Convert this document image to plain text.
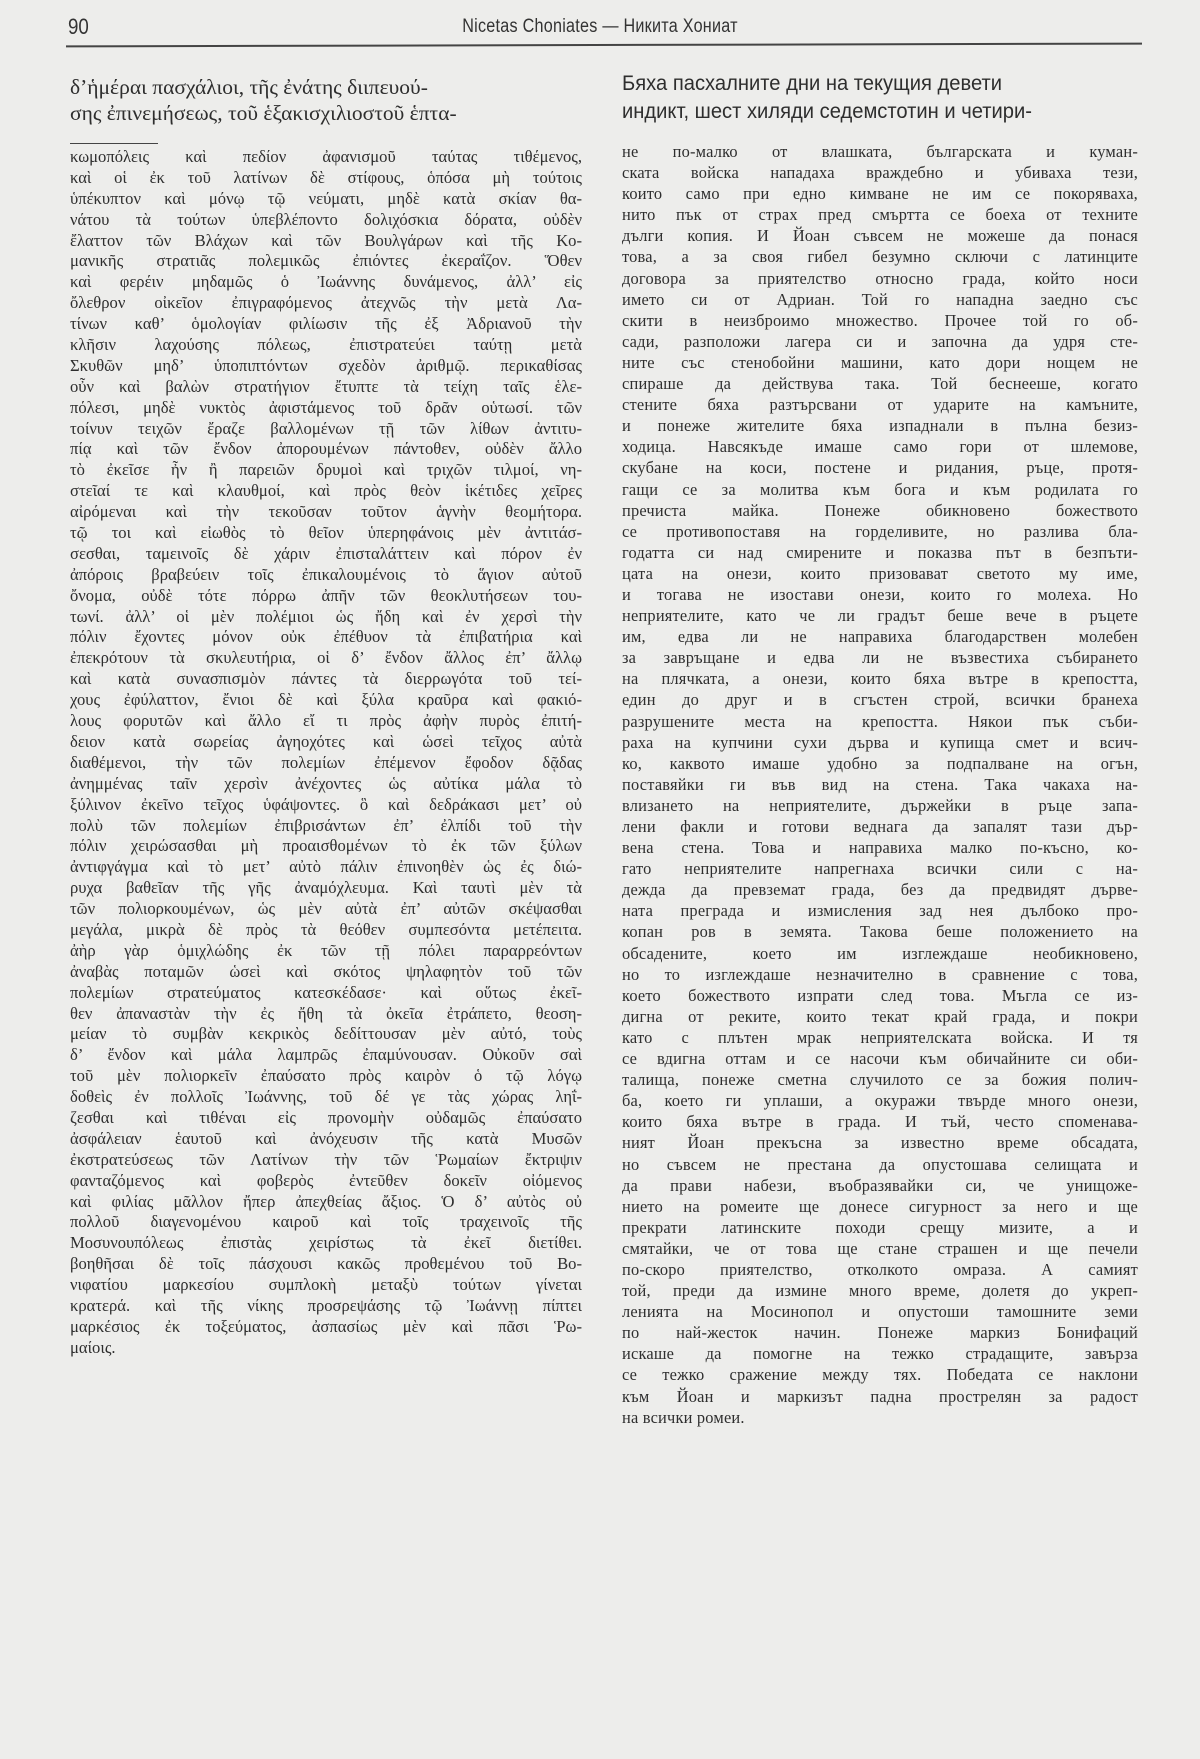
90	Nicetas Choniates — Никита Хониат
δ’ἡμέραι πασχάλιοι, τῆς ἐνάτης διιπευού-
σης ἐπινεμήσεως, τοῦ ἑξακισχιλιοστοῦ ἑπτα-
κωμοπόλεις καὶ πεδίον ἀφανισμοῦ ταύτας τιθέμενος,
καὶ οἱ ἐκ τοῦ λατίνων δὲ στίφους, ὁπόσα μὴ τούτοις
ὑπέκυπτον καὶ μόνῳ τῷ νεύματι, μηδὲ κατὰ σκίαν θα-
νάτου τὰ τούτων ὑπεβλέποντο δολιχόσκια δόρατα, οὐδὲν
ἔλαττον τῶν Βλάχων καὶ τῶν Βουλγάρων καὶ τῆς Κο-
μανικῆς στρατιᾶς πολεμικῶς ἐπιόντες ἐκεραΐζον. Ὅθεν
καὶ φερέιν μηδαμῶς ὁ Ἰωάννης δυνάμενος, ἀλλ’ εἰς
ὄλεθρον οἰκεῖον ἐπιγραφόμενος ἀτεχνῶς τὴν μετὰ Λα-
τίνων καθ’ ὁμολογίαν φιλίωσιν τῆς ἐξ Ἀδριανοῦ τὴν
κλῆσιν λαχούσης πόλεως, ἐπιστρατεύει ταύτῃ μετὰ
Σκυθῶν μηδ’ ὑποπιπτόντων σχεδὸν ἀριθμῷ. περικαθίσας
οὖν καὶ βαλὼν στρατήγιον ἔτυπτε τὰ τείχη ταῖς ἑλε-
πόλεσι, μηδὲ νυκτὸς ἀφιστάμενος τοῦ δρᾶν οὑτωσί. τῶν
τοίνυν τειχῶν ἔραζε βαλλομένων τῇ τῶν λίθων ἀντιτυ-
πίᾳ καὶ τῶν ἔνδον ἀπορουμένων πάντοθεν, οὐδὲν ἄλλο
τὸ ἐκεῖσε ἦν ἢ παρειῶν δρυμοὶ καὶ τριχῶν τιλμοί, νη-
στεῖαί τε καὶ κλαυθμοί, καὶ πρὸς θεὸν ἱκέτιδες χεῖρες
αἰρόμεναι καὶ τὴν τεκοῦσαν τοῦτον ἁγνὴν θεομήτορα.
τῷ τοι καὶ εἰωθὸς τὸ θεῖον ὑπερηφάνοις μὲν ἀντιτάσ-
σεσθαι, ταμεινοῖς δὲ χάριν ἐπισταλάττειν καὶ πόρον ἐν
ἀπόροις βραβεύειν τοῖς ἐπικαλουμένοις τὸ ἅγιον αὐτοῦ
ὄνομα, οὐδὲ τότε πόρρω ἀπῆν τῶν θεοκλυτήσεων του-
τωνί. ἀλλ’ οἱ μὲν πολέμιοι ὡς ἤδη καὶ ἐν χερσὶ τὴν
πόλιν ἔχοντες μόνον οὐκ ἐπέθυον τὰ ἐπιβατήρια καὶ
ἐπεκρότουν τὰ σκυλευτήρια, οἱ δ’ ἔνδον ἄλλος ἐπ’ ἄλλῳ
καὶ κατὰ συνασπισμὸν πάντες τὰ διερρωγότα τοῦ τεί-
χους ἐφύλαττον, ἔνιοι δὲ καὶ ξύλα κραῦρα καὶ φακιό-
λους φορυτῶν καὶ ἄλλο εἴ τι πρὸς ἀφὴν πυρὸς ἐπιτή-
δειον κατὰ σωρείας ἀγηοχότες καὶ ὡσεὶ τεῖχος αὐτὰ
διαθέμενοι, τὴν τῶν πολεμίων ἐπέμενον ἔφοδον δᾷδας
ἀνημμένας ταῖν χερσὶν ἀνέχοντες ὡς αὐτίκα μάλα τὸ
ξύλινον ἐκεῖνο τεῖχος ὑφάψοντες. ὃ καὶ δεδράκασι μετ’ οὐ
πολὺ τῶν πολεμίων ἐπιβρισάντων ἐπ’ ἐλπίδι τοῦ τὴν
πόλιν χειρώσασθαι μὴ προαισθομένων τὸ ἐκ τῶν ξύλων
ἀντιφγάγμα καὶ τὸ μετ’ αὐτὸ πάλιν ἐπινοηθὲν ὡς ἐς διώ-
ρυχα βαθεῖαν τῆς γῆς ἀναμόχλευμα. Καὶ ταυτὶ μὲν τὰ
τῶν πολιορκουμένων, ὡς μὲν αὐτὰ ἐπ’ αὐτῶν σκέψασθαι
μεγάλα, μικρὰ δὲ πρὸς τὰ θεόθεν συμπεσόντα μετέπειτα.
ἀὴρ γὰρ ὁμιχλώδης ἐκ τῶν τῇ πόλει παραρρεόντων
ἀναβὰς ποταμῶν ὡσεὶ καὶ σκότος ψηλαφητὸν τοῦ τῶν
πολεμίων στρατεύματος κατεσκέδασε· καὶ οὕτως ἐκεῖ-
θεν ἀπαναστὰν τὴν ἐς ἤθη τὰ ὀκεῖα ἐτράπετο, θεοση-
μείαν τὸ συμβὰν κεκρικὸς δεδίττουσαν μὲν αὐτό, τοὺς
δ’ ἔνδον καὶ μάλα λαμπρῶς ἐπαμύνουσαν. Οὐκοῦν σαὶ
τοῦ μὲν πολιορκεῖν ἐπαύσατο πρὸς καιρὸν ὁ τῷ λόγῳ
δοθεὶς ἐν πολλοῖς Ἰωάννης, τοῦ δέ γε τὰς χώρας ληΐ-
ζεσθαι καὶ τιθέναι εἰς προνομὴν οὐδαμῶς ἐπαύσατο
ἀσφάλειαν ἑαυτοῦ καὶ ἀνόχευσιν τῆς κατὰ Μυσῶν
ἐκστρατεύσεως τῶν Λατίνων τὴν τῶν Ῥωμαίων ἔκτριψιν
φανταζόμενος καὶ φοβερὸς ἐντεῦθεν δοκεῖν οἰόμενος
καὶ φιλίας μᾶλλον ἤπερ ἀπεχθείας ἄξιος. Ὁ δ’ αὐτὸς οὐ
πολλοῦ διαγενομένου καιροῦ καὶ τοῖς τραχεινοῖς τῆς
Μοσυνουπόλεως ἐπιστὰς χειρίστως τὰ ἐκεῖ διετίθει.
βοηθῆσαι δὲ τοῖς πάσχουσι κακῶς προθεμένου τοῦ Βο-
νιφατίου μαρκεσίου συμπλοκὴ μεταξὺ τούτων γίνεται
κρατερά. καὶ τῆς νίκης προσρεψάσης τῷ Ἰωάννῃ πίπτει
μαρκέσιος ἐκ τοξεύματος, ἀσπασίως μὲν καὶ πᾶσι Ῥω-
μαίοις.
Бяха пасхалните дни на текущия девети
индикт, шест хиляди седемстотин и четири-
не по-малко от влашката, българската и куман-
ската войска нападаха враждебно и убиваха тези,
които само при едно кимване не им се покоряваха,
нито пък от страх пред смъртта се боеха от техните
дълги копия. И Йоан съвсем не можеше да понася
това, а за своя гибел безумно сключи с латинците
договора за приятелство относно града, който носи
името си от Адриан. Той го нападна заедно със
скити в неизброимо множество. Прочее той го об-
сади, разположи лагера си и започна да удря сте-
ните със стенобойни машини, като дори нощем не
спираше да действува така. Той беснееше, когато
стените бяха разтърсвани от ударите на камъните,
и понеже жителите бяха изпаднали в пълна безиз-
ходица. Навсякъде имаше само гори от шлемове,
скубане на коси, постене и ридания, ръце, протя-
гащи се за молитва към бога и към родилата го
пречиста майка. Понеже обикновено божеството
се противопоставя на горделивите, но разлива бла-
годатта си над смирените и показва път в безпъти-
цата на онези, които призовават светото му име,
и тогава не изостави онези, които го молеха. Но
неприятелите, като че ли градът беше вече в ръцете
им, едва ли не направиха благодарствен молебен
за завръщане и едва ли не възвестиха събирането
на плячката, а онези, които бяха вътре в крепостта,
един до друг и в сгъстен строй, всички бранеха
разрушените места на крепостта. Някои пък съби-
раха на купчини сухи дърва и купища смет и всич-
ко, каквото имаше удобно за подпалване на огън,
поставяйки ги във вид на стена. Така чакаха на-
влизането на неприятелите, държейки в ръце запа-
лени факли и готови веднага да запалят тази дър-
вена стена. Това и направиха малко по-късно, ко-
гато неприятелите напрегнаха всички сили с на-
дежда да превземат града, без да предвидят дърве-
ната преграда и измисления зад нея дълбоко про-
копан ров в земята. Такова беше положението на
обсадените, което им изглеждаше необикновено,
но то изглеждаше незначително в сравнение с това,
което божеството изпрати след това. Мъгла се из-
дигна от реките, които текат край града, и покри
като с плътен мрак неприятелската войска. И тя
се вдигна оттам и се насочи към обичайните си оби-
талища, понеже сметна случилото се за божия полич-
ба, което ги уплаши, а окуражи твърде много онези,
които бяха вътре в града. И тъй, често споменава-
ният Йоан прекъсна за известно време обсадата,
но съвсем не престана да опустошава селищата и
да прави набези, въобразявайки си, че унищоже-
нието на ромеите ще донесе сигурност за него и ще
прекрати латинските походи срещу мизите, а и
смятайки, че от това ще стане страшен и ще печели
по-скоро приятелство, отколкото омраза. А самият
той, преди да измине много време, долетя до укреп-
ленията на Мосинопол и опустоши тамошните земи
по най-жесток начин. Понеже маркиз Бонифаций
искаше да помогне на тежко страдащите, завърза
се тежко сражение между тях. Победата се наклони
към Йоан и маркизът падна прострелян за радост
на всички ромеи.
